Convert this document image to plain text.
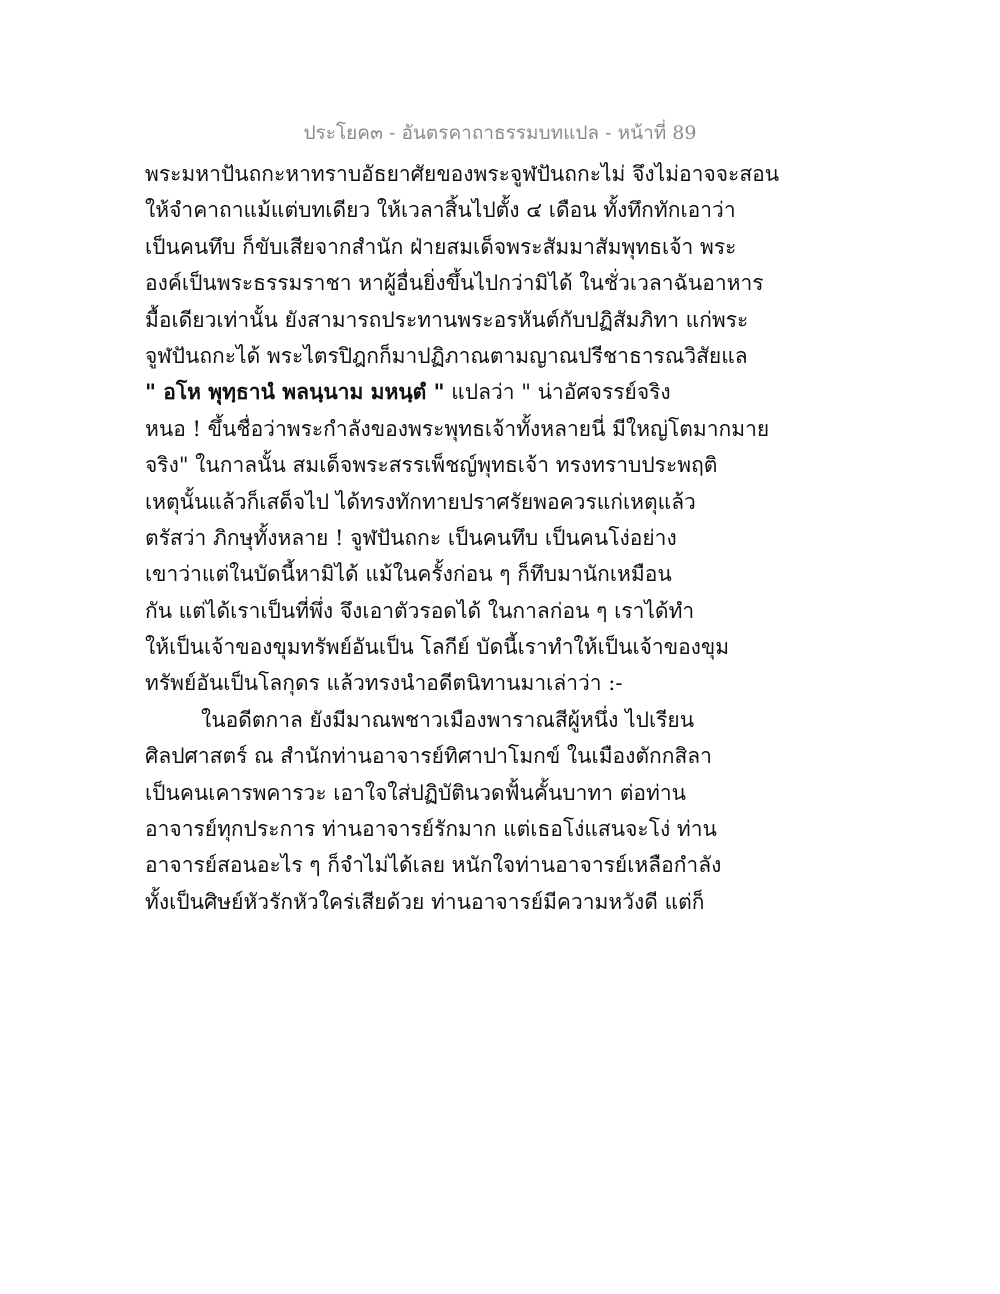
ประโยค๓ - อันตรคาถาธรรมบทแปล - หน้าที่ 89
พระมหาปันถกะหาทราบอัธยาศัยของพระจูฬปันถกะไม่ จึงไม่อาจจะสอน
ให้จำคาถาแม้แต่บทเดียว ให้เวลาสิ้นไปตั้ง ๔ เดือน ทั้งทึกทักเอาว่า
เป็นคนทึบ ก็ขับเสียจากสำนัก ฝ่ายสมเด็จพระสัมมาสัมพุทธเจ้า พระ
องค์เป็นพระธรรมราชา หาผู้อื่นยิ่งขึ้นไปกว่ามิได้ ในชั่วเวลาฉันอาหาร
มื้อเดียวเท่านั้น ยังสามารถประทานพระอรหันต์กับปฏิสัมภิทา แก่พระ
จูฬปันถกะได้ พระไตรปิฎกก็มาปฏิภาณตามญาณปรีชาธารณวิสัยแล
" อโห พุทฺธานํ พลนฺนาม มหนฺตํ " แปลว่า " น่าอัศจรรย์จริง
หนอ ! ขึ้นชื่อว่าพระกำลังของพระพุทธเจ้าทั้งหลายนี่ มีใหญ่โตมากมาย
จริง" ในกาลนั้น สมเด็จพระสรรเพ็ชญ์พุทธเจ้า ทรงทราบประพฤติ
เหตุนั้นแล้วก็เสด็จไป ได้ทรงทักทายปราศรัยพอควรแก่เหตุแล้ว
ตรัสว่า ภิกษุทั้งหลาย ! จูฬปันถกะ เป็นคนทึบ เป็นคนโง่อย่าง
เขาว่าแต่ในบัดนี้หามิได้ แม้ในครั้งก่อน ๆ ก็ทึบมานักเหมือน
กัน แต่ได้เราเป็นที่พึ่ง จึงเอาตัวรอดได้ ในกาลก่อน ๆ เราได้ทำ
ให้เป็นเจ้าของขุมทรัพย์อันเป็น โลกีย์ บัดนี้เราทำให้เป็นเจ้าของขุม
ทรัพย์อันเป็นโลกุดร แล้วทรงนำอดีตนิทานมาเล่าว่า :-
ในอดีตกาล ยังมีมาณพชาวเมืองพาราณสีผู้หนึ่ง ไปเรียน
ศิลปศาสตร์ ณ สำนักท่านอาจารย์ทิศาปาโมกข์ ในเมืองตักกสิลา
เป็นคนเคารพคารวะ เอาใจใส่ปฏิบัตินวดฟั้นคั้นบาทา ต่อท่าน
อาจารย์ทุกประการ ท่านอาจารย์รักมาก แต่เธอโง่แสนจะโง่ ท่าน
อาจารย์สอนอะไร ๆ ก็จำไม่ได้เลย หนักใจท่านอาจารย์เหลือกำลัง
ทั้งเป็นศิษย์หัวรักหัวใคร่เสียด้วย ท่านอาจารย์มีความหวังดี แต่ก็
